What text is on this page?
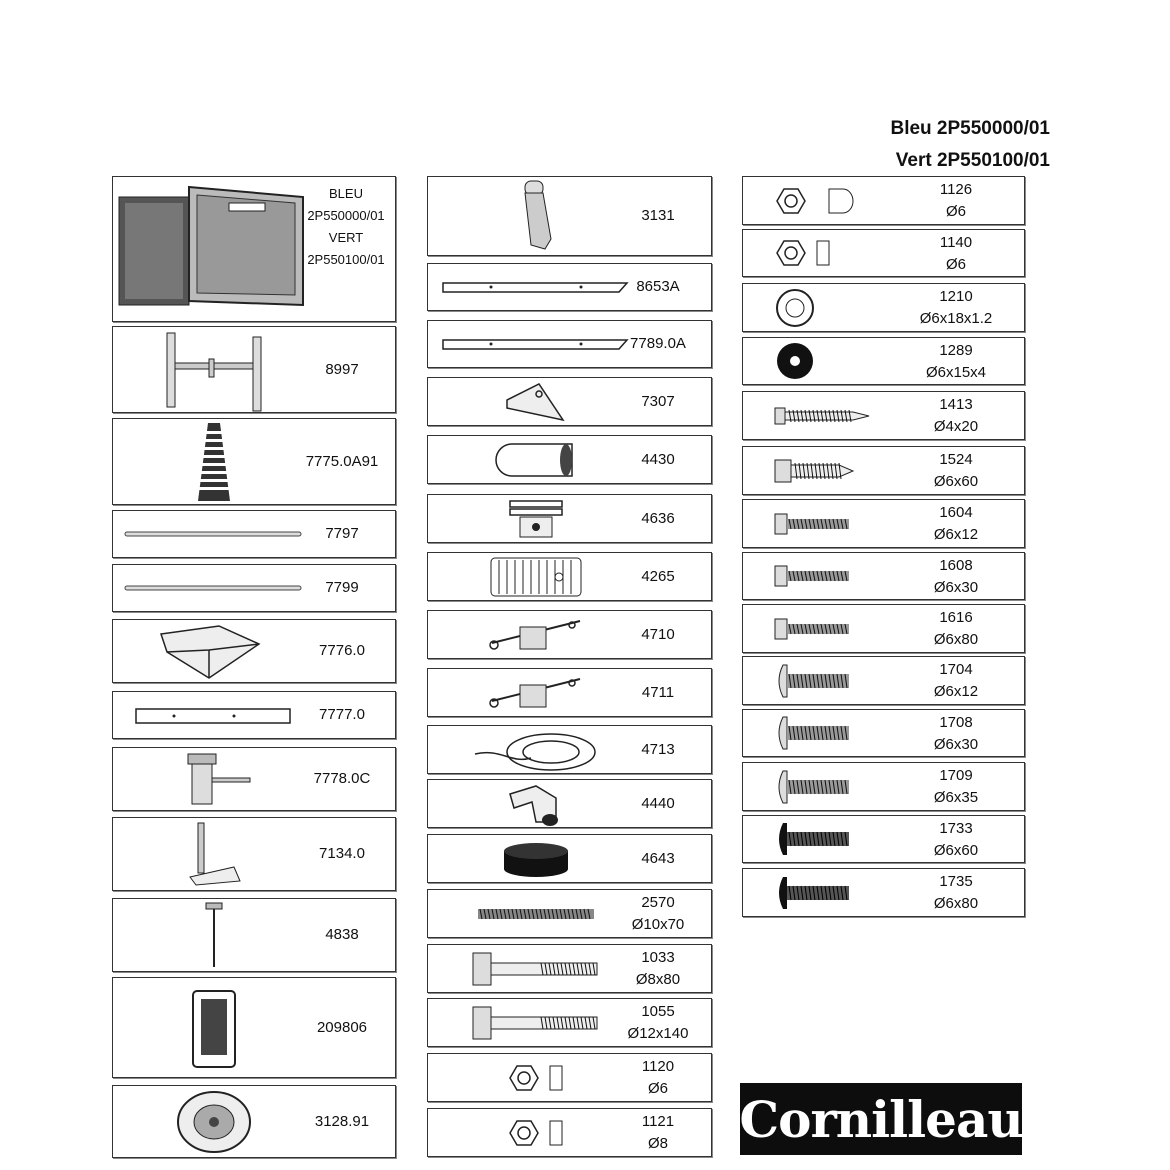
Bleu 2P550000/01
Vert 2P550100/01
BLEU
2P550000/01
VERT
2P550100/01
8997
7775.0A91
7797
7799
7776.0
7777.0
7778.0C
7134.0
4838
209806
3128.91
3131
8653A
7789.0A
7307
4430
4636
4265
4710
4711
4713
4440
4643
2570
Ø10x70
1033
Ø8x80
1055
Ø12x140
1120
Ø6
1121
Ø8
1126
Ø6
1140
Ø6
1210
Ø6x18x1.2
1289
Ø6x15x4
1413
Ø4x20
1524
Ø6x60
1604
Ø6x12
1608
Ø6x30
1616
Ø6x80
1704
Ø6x12
1708
Ø6x30
1709
Ø6x35
1733
Ø6x60
1735
Ø6x80
Cornilleau
